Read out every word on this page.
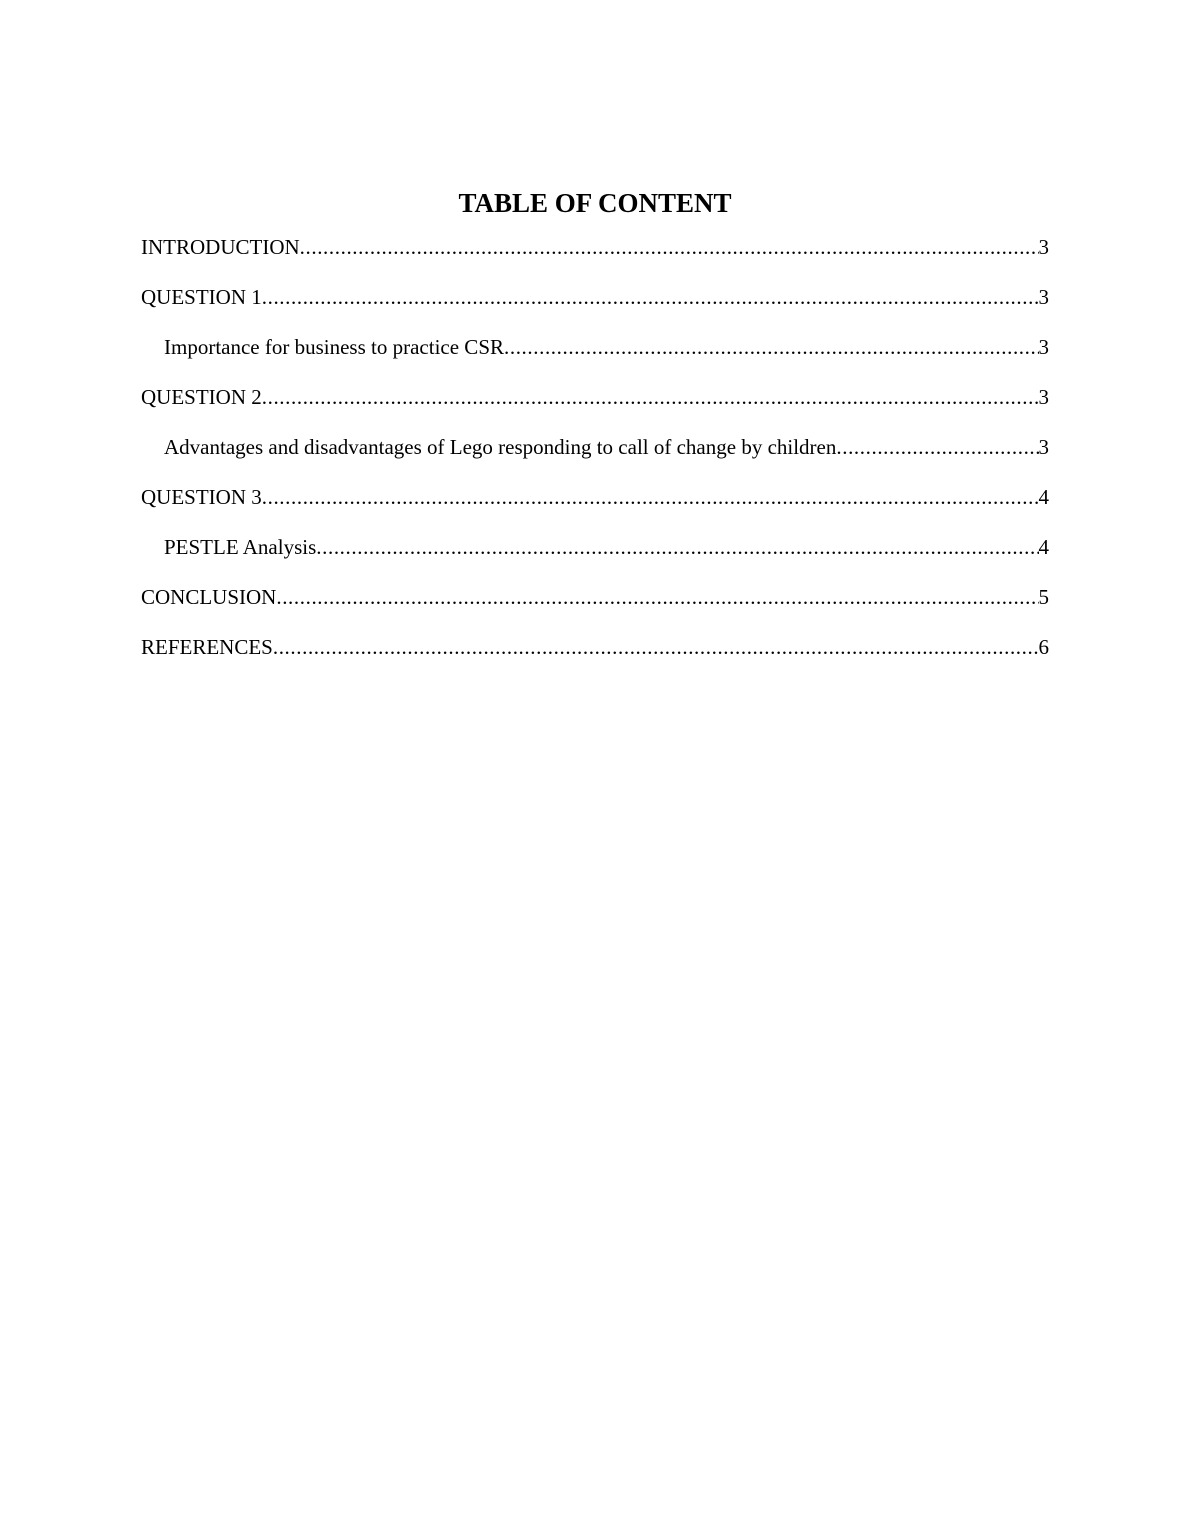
TABLE OF CONTENT
INTRODUCTION .....	3
QUESTION 1 .....	3
Importance for business to practice CSR .....	3
QUESTION 2 .....	3
Advantages and disadvantages of Lego responding to call of change by children .....	3
QUESTION 3 .....	4
PESTLE Analysis .....	4
CONCLUSION .....	5
REFERENCES .....	6
